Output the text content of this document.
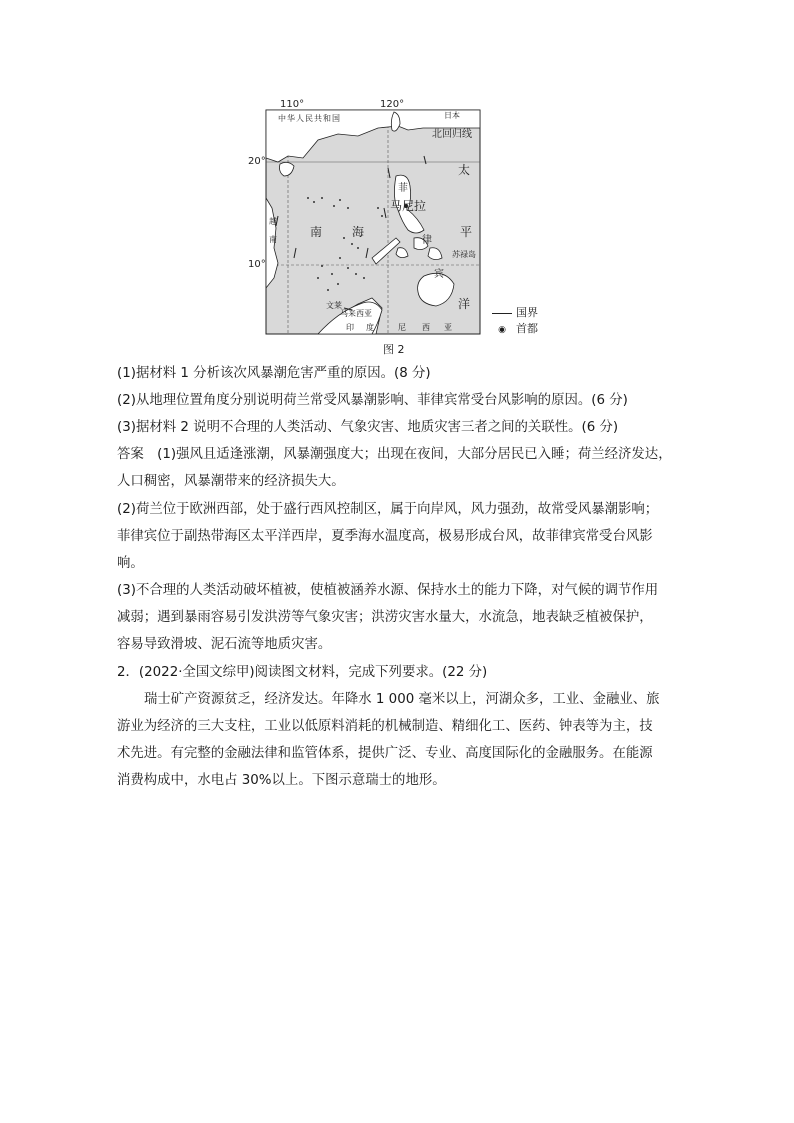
110°	120°
20°
10°
中华人民共和国	日本
北回归线
太
平
洋
菲
马尼拉
律
宾
南 海
越
南
苏禄岛
文莱
马来西亚
印 度	尼 西 亚
国界
◉ 首都
图 2
(1)据材料 1 分析该次风暴潮危害严重的原因。(8 分)
(2)从地理位置角度分别说明荷兰常受风暴潮影响、菲律宾常受台风影响的原因。(6 分)
(3)据材料 2 说明不合理的人类活动、气象灾害、地质灾害三者之间的关联性。(6 分)
答案　(1)强风且适逢涨潮，风暴潮强度大；出现在夜间，大部分居民已入睡；荷兰经济发达，
人口稠密，风暴潮带来的经济损失大。
(2)荷兰位于欧洲西部，处于盛行西风控制区，属于向岸风，风力强劲，故常受风暴潮影响；
菲律宾位于副热带海区太平洋西岸，夏季海水温度高，极易形成台风，故菲律宾常受台风影
响。
(3)不合理的人类活动破坏植被，使植被涵养水源、保持水土的能力下降，对气候的调节作用
减弱；遇到暴雨容易引发洪涝等气象灾害；洪涝灾害水量大，水流急，地表缺乏植被保护，
容易导致滑坡、泥石流等地质灾害。
2．(2022·全国文综甲)阅读图文材料，完成下列要求。(22 分)
瑞士矿产资源贫乏，经济发达。年降水 1 000 毫米以上，河湖众多，工业、金融业、旅
游业为经济的三大支柱，工业以低原料消耗的机械制造、精细化工、医药、钟表等为主，技
术先进。有完整的金融法律和监管体系，提供广泛、专业、高度国际化的金融服务。在能源
消费构成中，水电占 30%以上。下图示意瑞士的地形。
